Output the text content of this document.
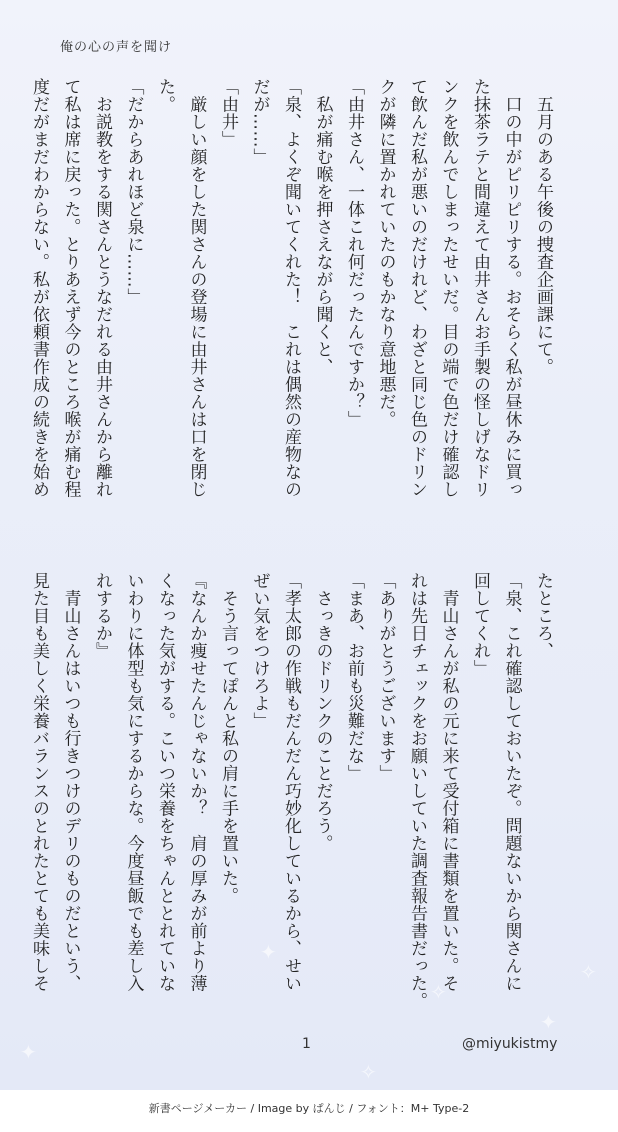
✦
✧
✦
✧
✦
✧
俺の心の声を聞け

　五月のある午後の捜査企画課にて。

　口の中がピリピリする。おそらく私が昼休みに買っ

た抹茶ラテと間違えて由井さんお手製の怪しげなドリ

ンクを飲んでしまったせいだ。目の端で色だけ確認し

て飲んだ私が悪いのだけれど、わざと同じ色のドリン

クが隣に置かれていたのもかなり意地悪だ。

「由井さん、一体これ何だったんですか？」

　私が痛む喉を押さえながら聞くと、

「泉、よくぞ聞いてくれた！　これは偶然の産物なの

だが……」

「由井」

　厳しい顔をした関さんの登場に由井さんは口を閉じ

た。

「だからあれほど泉に……」

　お説教をする関さんとうなだれる由井さんから離れ

て私は席に戻った。とりあえず今のところ喉が痛む程

度だがまだわからない。私が依頼書作成の続きを始め

たところ、

「泉、これ確認しておいたぞ。問題ないから関さんに

回してくれ」

　青山さんが私の元に来て受付箱に書類を置いた。そ

れは先日チェックをお願いしていた調査報告書だった。

「ありがとうございます」

「まあ、お前も災難だな」

　さっきのドリンクのことだろう。

「孝太郎の作戦もだんだん巧妙化しているから、せい

ぜい気をつけろよ」

　そう言ってぽんと私の肩に手を置いた。

『なんか痩せたんじゃないか？　肩の厚みが前より薄

くなった気がする。こいつ栄養をちゃんととれていな

いわりに体型も気にするからな。今度昼飯でも差し入

れするか』

　青山さんはいつも行きつけのデリのものだという、

見た目も美しく栄養バランスのとれたとても美味しそ

1	@miyukistmy
新書ページメーカー / Image by ぱんじ / フォント：M+ Type-2
